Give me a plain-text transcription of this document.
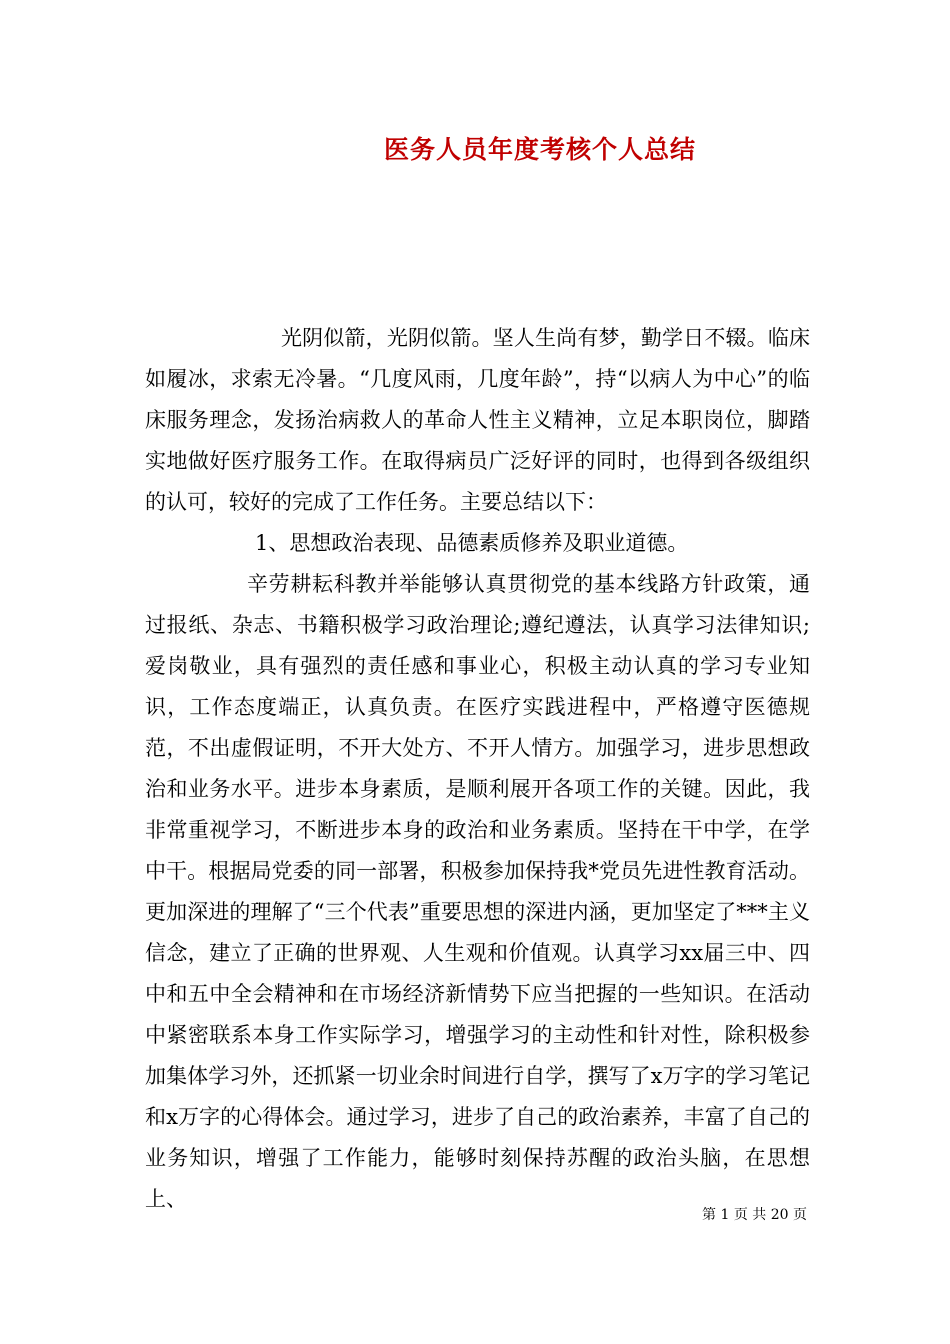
医务人员年度考核个人总结

光阴似箭，光阴似箭。坚人生尚有梦，勤学日不辍。临床如履冰，求索无冷暑。“几度风雨，几度年龄”，持“以病人为中心”的临床服务理念，发扬治病救人的革命人性主义精神，立足本职岗位，脚踏实地做好医疗服务工作。在取得病员广泛好评的同时，也得到各级组织的认可，较好的完成了工作任务。主要总结以下：

1、思想政治表现、品德素质修养及职业道德。

辛劳耕耘科教并举能够认真贯彻党的基本线路方针政策，通过报纸、杂志、书籍积极学习政治理论;遵纪遵法，认真学习法律知识;爱岗敬业，具有强烈的责任感和事业心，积极主动认真的学习专业知识，工作态度端正，认真负责。在医疗实践进程中，严格遵守医德规范，不出虚假证明，不开大处方、不开人情方。加强学习，进步思想政治和业务水平。进步本身素质，是顺利展开各项工作的关键。因此，我非常重视学习，不断进步本身的政治和业务素质。坚持在干中学，在学中干。根据局党委的同一部署，积极参加保持我*党员先进性教育活动。更加深进的理解了“三个代表”重要思想的深进内涵，更加坚定了***主义信念，建立了正确的世界观、人生观和价值观。认真学习xx届三中、四中和五中全会精神和在市场经济新情势下应当把握的一些知识。在活动中紧密联系本身工作实际学习，增强学习的主动性和针对性，除积极参加集体学习外，还抓紧一切业余时间进行自学，撰写了x万字的学习笔记和x万字的心得体会。通过学习，进步了自己的政治素养，丰富了自己的业务知识，增强了工作能力，能够时刻保持苏醒的政治头脑，在思想上、

第 1 页 共 20 页
